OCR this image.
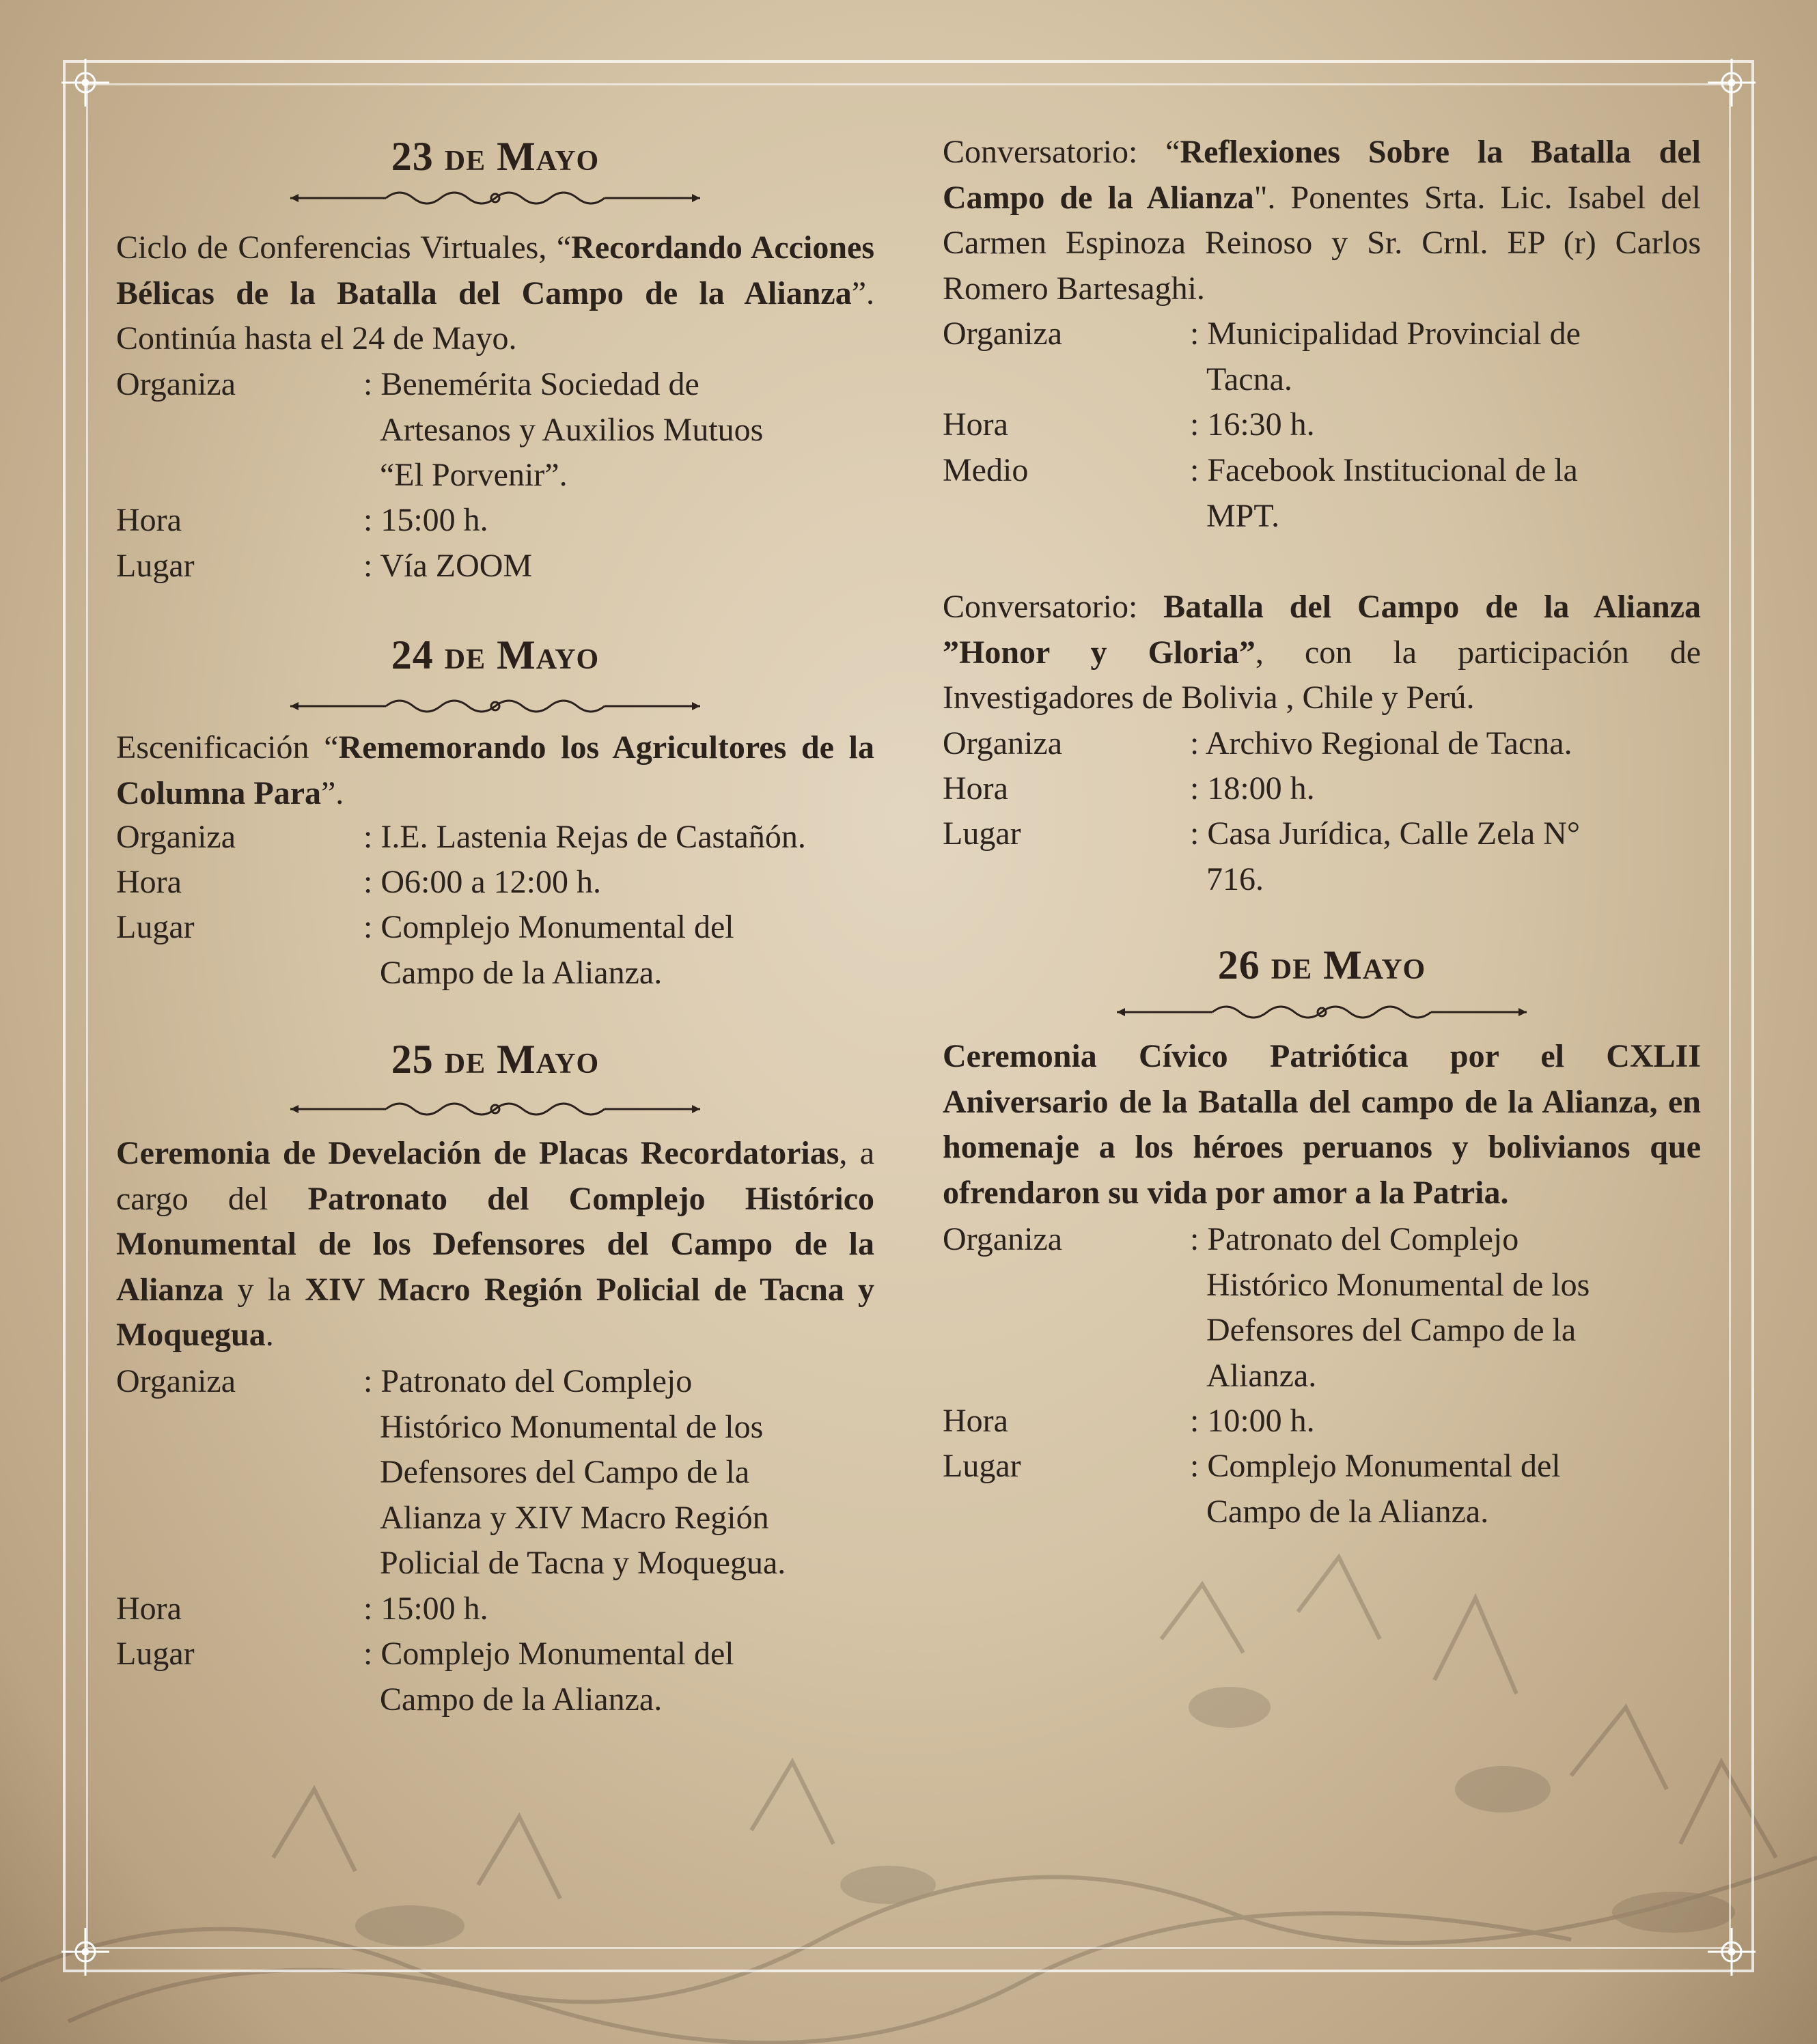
23 de Mayo
Ciclo de Conferencias Virtuales, “Recordando Acciones Bélicas de la Batalla del Campo de la Alianza”. Continúa hasta el 24 de Mayo.
Organiza	: Benemérita Sociedad de
Artesanos y Auxilios Mutuos
“El Porvenir”.
Hora	: 15:00 h.
Lugar	: Vía ZOOM
24 de Mayo
Escenificación “Rememorando los Agricultores de la Columna Para”.
Organiza	: I.E. Lastenia Rejas de Castañón.
Hora	: O6:00 a 12:00 h.
Lugar	: Complejo Monumental del
Campo de la Alianza.
25 de Mayo
Ceremonia de Develación de Placas Recordatorias, a cargo del Patronato del Complejo Histórico Monumental de los Defensores del Campo de la Alianza y la XIV Macro Región Policial de Tacna y Moquegua.
Organiza	: Patronato del Complejo
Histórico Monumental de los
Defensores del Campo de la
Alianza y XIV Macro Región
Policial de Tacna y Moquegua.
Hora	: 15:00 h.
Lugar	: Complejo Monumental del
Campo de la Alianza.
Conversatorio: “Reflexiones Sobre la Batalla del Campo de la Alianza". Ponentes Srta. Lic. Isabel del Carmen Espinoza Reinoso y Sr. Crnl. EP (r) Carlos Romero Bartesaghi.
Organiza	: Municipalidad Provincial de
Tacna.
Hora	: 16:30 h.
Medio	: Facebook Institucional de la
MPT.
Conversatorio: Batalla del Campo de la Alianza ”Honor y Gloria”, con la participación de Investigadores de Bolivia , Chile y Perú.
Organiza	: Archivo Regional de Tacna.
Hora	: 18:00 h.
Lugar	: Casa Jurídica, Calle Zela N°
716.
26 de Mayo
Ceremonia Cívico Patriótica por el CXLII Aniversario de la Batalla del campo de la Alianza, en homenaje a los héroes peruanos y bolivianos que ofrendaron su vida por amor a la Patria.
Organiza	: Patronato del Complejo
Histórico Monumental de los
Defensores del Campo de la
Alianza.
Hora	: 10:00 h.
Lugar	: Complejo Monumental del
Campo de la Alianza.
